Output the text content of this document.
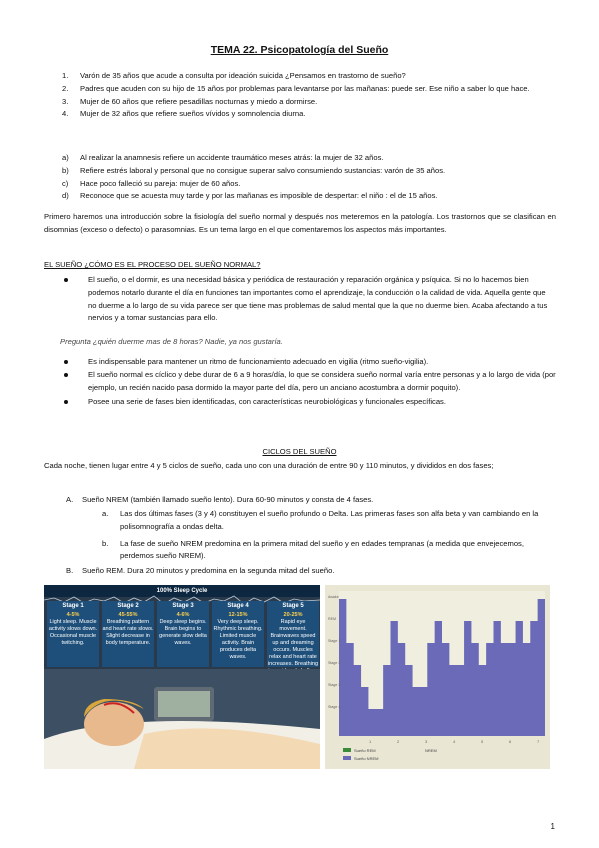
TEMA 22. Psicopatología del Sueño
1. Varón de 35 años que acude a consulta por ideación suicida ¿Pensamos en trastorno de sueño?
2. Padres que acuden con su hijo de 15 años por problemas para levantarse por las mañanas: puede ser. Ese niño a saber lo que hace.
3. Mujer de 60 años que refiere pesadillas nocturnas y miedo a dormirse.
4. Mujer de 32 años que refiere sueños vívidos y somnolencia diurna.
a) Al realizar la anamnesis refiere un accidente traumático meses atrás: la mujer de 32 años.
b) Refiere estrés laboral y personal que no consigue superar salvo consumiendo sustancias: varón de 35 años.
c) Hace poco falleció su pareja: mujer de 60 años.
d) Reconoce que se acuesta muy tarde y por las mañanas es imposible de despertar: el niño : el de 15 años.
Primero haremos una introducción sobre la fisiología del sueño normal y después nos meteremos en la patología. Los trastornos que se clasifican en disomnias (exceso o defecto) o parasomnias. Es un tema largo en el que comentaremos los aspectos más importantes.
EL SUEÑO ¿CÓMO ES EL PROCESO DEL SUEÑO NORMAL?
El sueño, o el dormir, es una necesidad básica y periódica de restauración y reparación orgánica y psíquica. Si no lo hacemos bien podemos notarlo durante el día en funciones tan importantes como el aprendizaje, la conducción o la calidad de vida. Aquella gente que no duerme a lo largo de su vida parece ser que tiene mas problemas de salud mental que la que no duerme bien. Acaba afectando a tus nervios y a tomar sustancias para ello.
Pregunta ¿quién duerme mas de 8 horas? Nadie, ya nos gustaría.
Es indispensable para mantener un ritmo de funcionamiento adecuado en vigilia (ritmo sueño-vigilia).
El sueño normal es cíclico y debe durar de 6 a 9 horas/día, lo que se considera sueño normal varía entre personas y a lo largo de vida (por ejemplo, un recién nacido pasa dormido la mayor parte del día, pero un anciano acostumbra a dormir poquito).
Posee una serie de fases bien identificadas, con características neurobiológicas y funcionales específicas.
CICLOS DEL SUEÑO
Cada noche, tienen lugar entre 4 y 5 ciclos de sueño, cada uno con una duración de entre 90 y 110 minutos, y divididos en dos fases;
A. Sueño NREM (también llamado sueño lento). Dura 60-90 minutos y consta de 4 fases.
a. Las dos últimas fases (3 y 4) constituyen el sueño profundo o Delta. Las primeras fases son alfa beta y van cambiando en la polisomnografía a ondas delta.
b. La fase de sueño NREM predomina en la primera mitad del sueño y en edades tempranas (a medida que envejecemos, perdemos sueño NREM).
B. Sueño REM. Dura 20 minutos y predomina en la segunda mitad del sueño.
100% Sleep Cycle
Stage 1
4-5%
Light sleep. Muscle activity slows down. Occasional muscle twitching.
Stage 2
45-55%
Breathing pattern and heart rate slows. Slight decrease in body temperature.
Stage 3
4-6%
Deep sleep begins. Brain begins to generate slow delta waves.
Stage 4
12-15%
Very deep sleep. Rhythmic breathing. Limited muscle activity. Brain produces delta waves.
Stage 5
20-25%
Rapid eye movement. Brainwaves speed up and dreaming occurs. Muscles relax and heart rate increases. Breathing
Awake
REM
Stage 1
Stage 2
Stage 3
Stage 4
1	2	3	4	5	6	7
Sueño REM
Sueño NREM
NREM
1
